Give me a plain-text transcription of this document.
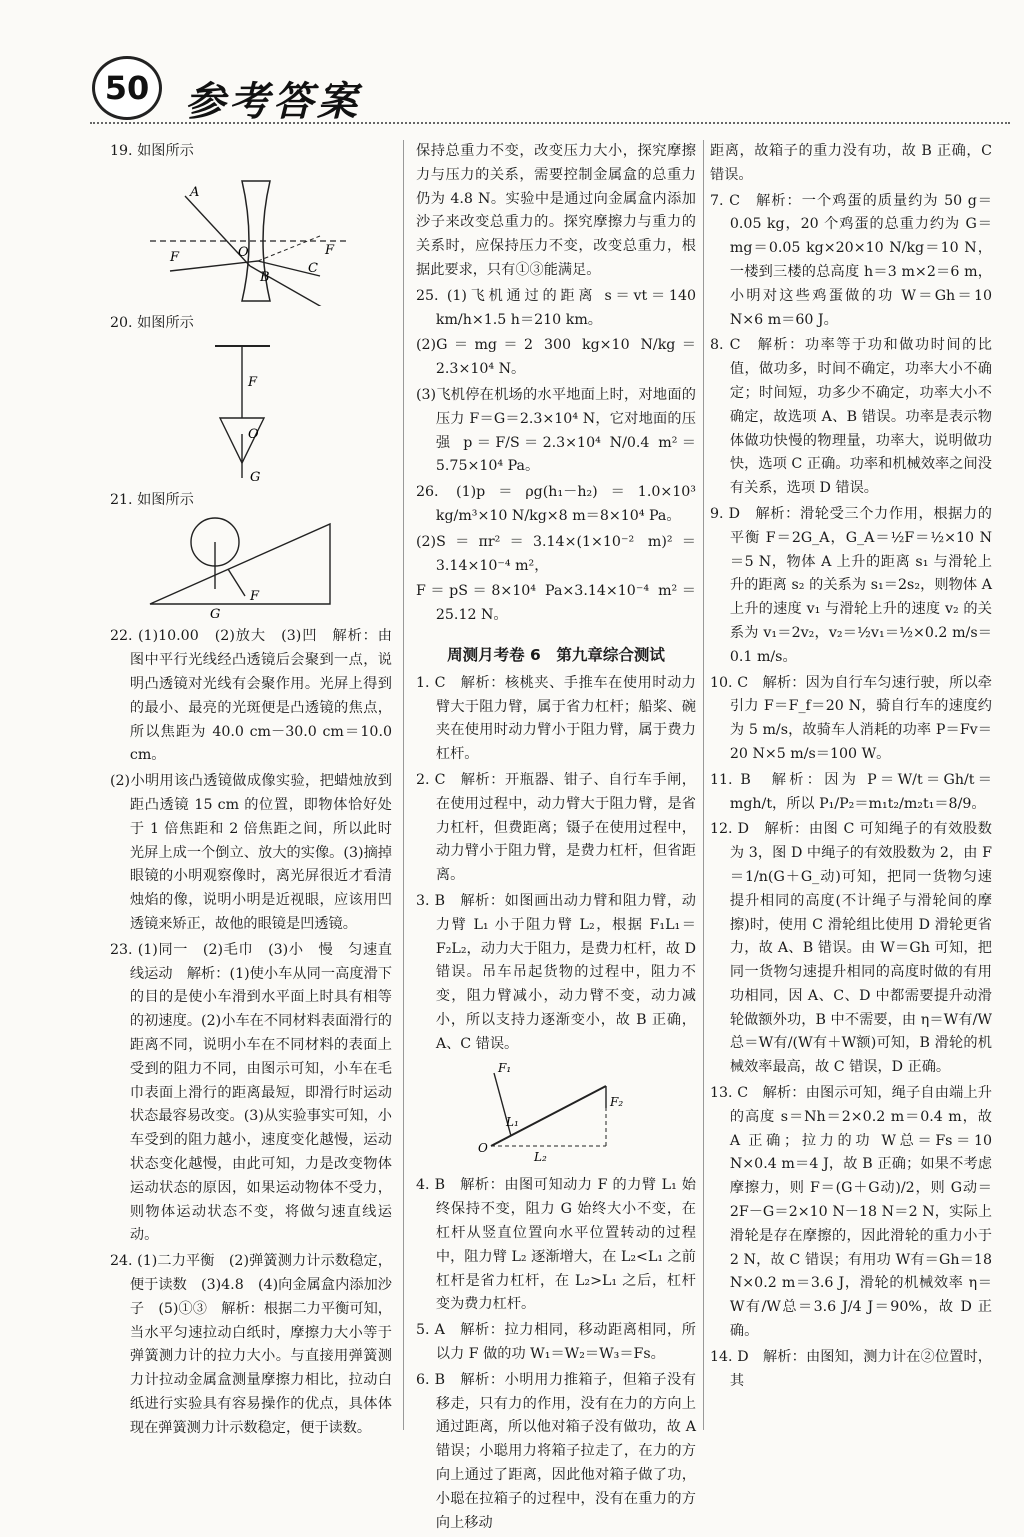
50 参考答案

19. 如图所示

A
F	O
B
F
C

20. 如图所示

F
O
G

21. 如图所示

F
G

22. (1)10.00　(2)放大　(3)凹　解析：由图中平行光线经凸透镜后会聚到一点，说明凸透镜对光线有会聚作用。光屏上得到的最小、最亮的光斑便是凸透镜的焦点，所以焦距为 40.0 cm－30.0 cm＝10.0 cm。

(2)小明用该凸透镜做成像实验，把蜡烛放到距凸透镜 15 cm 的位置，即物体恰好处于 1 倍焦距和 2 倍焦距之间，所以此时光屏上成一个倒立、放大的实像。(3)摘掉眼镜的小明观察像时，离光屏很近才看清烛焰的像，说明小明是近视眼，应该用凹透镜来矫正，故他的眼镜是凹透镜。

23. (1)同一　(2)毛巾　(3)小　慢　匀速直线运动　解析：(1)使小车从同一高度滑下的目的是使小车滑到水平面上时具有相等的初速度。(2)小车在不同材料表面滑行的距离不同，说明小车在不同材料的表面上受到的阻力不同，由图示可知，小车在毛巾表面上滑行的距离最短，即滑行时运动状态最容易改变。(3)从实验事实可知，小车受到的阻力越小，速度变化越慢，运动状态变化越慢，由此可知，力是改变物体运动状态的原因，如果运动物体不受力，则物体运动状态不变，将做匀速直线运动。

24. (1)二力平衡　(2)弹簧测力计示数稳定，便于读数　(3)4.8　(4)向金属盒内添加沙子　(5)①③　解析：根据二力平衡可知，当水平匀速拉动白纸时，摩擦力大小等于弹簧测力计的拉力大小。与直接用弹簧测力计拉动金属盒测量摩擦力相比，拉动白纸进行实验具有容易操作的优点，具体体现在弹簧测力计示数稳定，便于读数。

保持总重力不变，改变压力大小，探究摩擦力与压力的关系，需要控制金属盒的总重力仍为 4.8 N。实验中是通过向金属盒内添加沙子来改变总重力的。探究摩擦力与重力的关系时，应保持压力不变，改变总重力，根据此要求，只有①③能满足。

25. (1)飞机通过的距离 s＝vt＝140 km/h×1.5 h＝210 km。

(2)G＝mg＝2 300 kg×10 N/kg＝2.3×10⁴ N。

(3)飞机停在机场的水平地面上时，对地面的压力 F＝G＝2.3×10⁴ N，它对地面的压强 p＝F/S＝2.3×10⁴ N/0.4 m²＝5.75×10⁴ Pa。

26. (1)p＝ρg(h₁－h₂)＝1.0×10³ kg/m³×10 N/kg×8 m＝8×10⁴ Pa。

(2)S＝πr²＝3.14×(1×10⁻² m)²＝3.14×10⁻⁴ m²，

F＝pS＝8×10⁴ Pa×3.14×10⁻⁴ m²＝25.12 N。

周测月考卷 6　第九章综合测试

1. C　解析：核桃夹、手推车在使用时动力臂大于阻力臂，属于省力杠杆；船桨、碗夹在使用时动力臂小于阻力臂，属于费力杠杆。

2. C　解析：开瓶器、钳子、自行车手闸，在使用过程中，动力臂大于阻力臂，是省力杠杆，但费距离；镊子在使用过程中，动力臂小于阻力臂，是费力杠杆，但省距离。

3. B　解析：如图画出动力臂和阻力臂，动力臂 L₁ 小于阻力臂 L₂，根据 F₁L₁＝F₂L₂，动力大于阻力，是费力杠杆，故 D 错误。吊车吊起货物的过程中，阻力不变，阻力臂减小，动力臂不变，动力减小，所以支持力逐渐变小，故 B 正确，A、C 错误。

F₁
F₂
L₁
L₂
O

4. B　解析：由图可知动力 F 的力臂 L₁ 始终保持不变，阻力 G 始终大小不变，在杠杆从竖直位置向水平位置转动的过程中，阻力臂 L₂ 逐渐增大，在 L₂<L₁ 之前杠杆是省力杠杆，在 L₂>L₁ 之后，杠杆变为费力杠杆。

5. A　解析：拉力相同，移动距离相同，所以力 F 做的功 W₁＝W₂＝W₃＝Fs。

6. B　解析：小明用力推箱子，但箱子没有移走，只有力的作用，没有在力的方向上通过距离，所以他对箱子没有做功，故 A 错误；小聪用力将箱子拉走了，在力的方向上通过了距离，因此他对箱子做了功，小聪在拉箱子的过程中，没有在重力的方向上移动

距离，故箱子的重力没有功，故 B 正确，C 错误。

7. C　解析：一个鸡蛋的质量约为 50 g＝0.05 kg，20 个鸡蛋的总重力约为 G＝mg＝0.05 kg×20×10 N/kg＝10 N，一楼到三楼的总高度 h＝3 m×2＝6 m，小明对这些鸡蛋做的功 W＝Gh＝10 N×6 m＝60 J。

8. C　解析：功率等于功和做功时间的比值，做功多，时间不确定，功率大小不确定；时间短，功多少不确定，功率大小不确定，故选项 A、B 错误。功率是表示物体做功快慢的物理量，功率大，说明做功快，选项 C 正确。功率和机械效率之间没有关系，选项 D 错误。

9. D　解析：滑轮受三个力作用，根据力的平衡 F＝2G_A，G_A＝½F＝½×10 N＝5 N，物体 A 上升的距离 s₁ 与滑轮上升的距离 s₂ 的关系为 s₁＝2s₂，则物体 A 上升的速度 v₁ 与滑轮上升的速度 v₂ 的关系为 v₁＝2v₂，v₂＝½v₁＝½×0.2 m/s＝0.1 m/s。

10. C　解析：因为自行车匀速行驶，所以牵引力 F＝F_f＝20 N，骑自行车的速度约为 5 m/s，故骑车人消耗的功率 P＝Fv＝20 N×5 m/s＝100 W。

11. B　解析：因为 P＝W/t＝Gh/t＝mgh/t，所以 P₁/P₂＝m₁t₂/m₂t₁＝8/9。

12. D　解析：由图 C 可知绳子的有效股数为 3，图 D 中绳子的有效股数为 2，由 F＝1/n(G＋G_动)可知，把同一货物匀速提升相同的高度(不计绳子与滑轮间的摩擦)时，使用 C 滑轮组比使用 D 滑轮更省力，故 A、B 错误。由 W＝Gh 可知，把同一货物匀速提升相同的高度时做的有用功相同，因 A、C、D 中都需要提升动滑轮做额外功，B 中不需要，由 η＝W有/W总＝W有/(W有＋W额)可知，B 滑轮的机械效率最高，故 C 错误，D 正确。

13. C　解析：由图示可知，绳子自由端上升的高度 s＝Nh＝2×0.2 m＝0.4 m，故 A 正确；拉力的功 W总＝Fs＝10 N×0.4 m＝4 J，故 B 正确；如果不考虑摩擦力，则 F＝(G＋G动)/2，则 G动＝2F－G＝2×10 N－18 N＝2 N，实际上滑轮是存在摩擦的，因此滑轮的重力小于 2 N，故 C 错误；有用功 W有＝Gh＝18 N×0.2 m＝3.6 J，滑轮的机械效率 η＝W有/W总＝3.6 J/4 J＝90%，故 D 正确。

14. D　解析：由图知，测力计在②位置时，其
